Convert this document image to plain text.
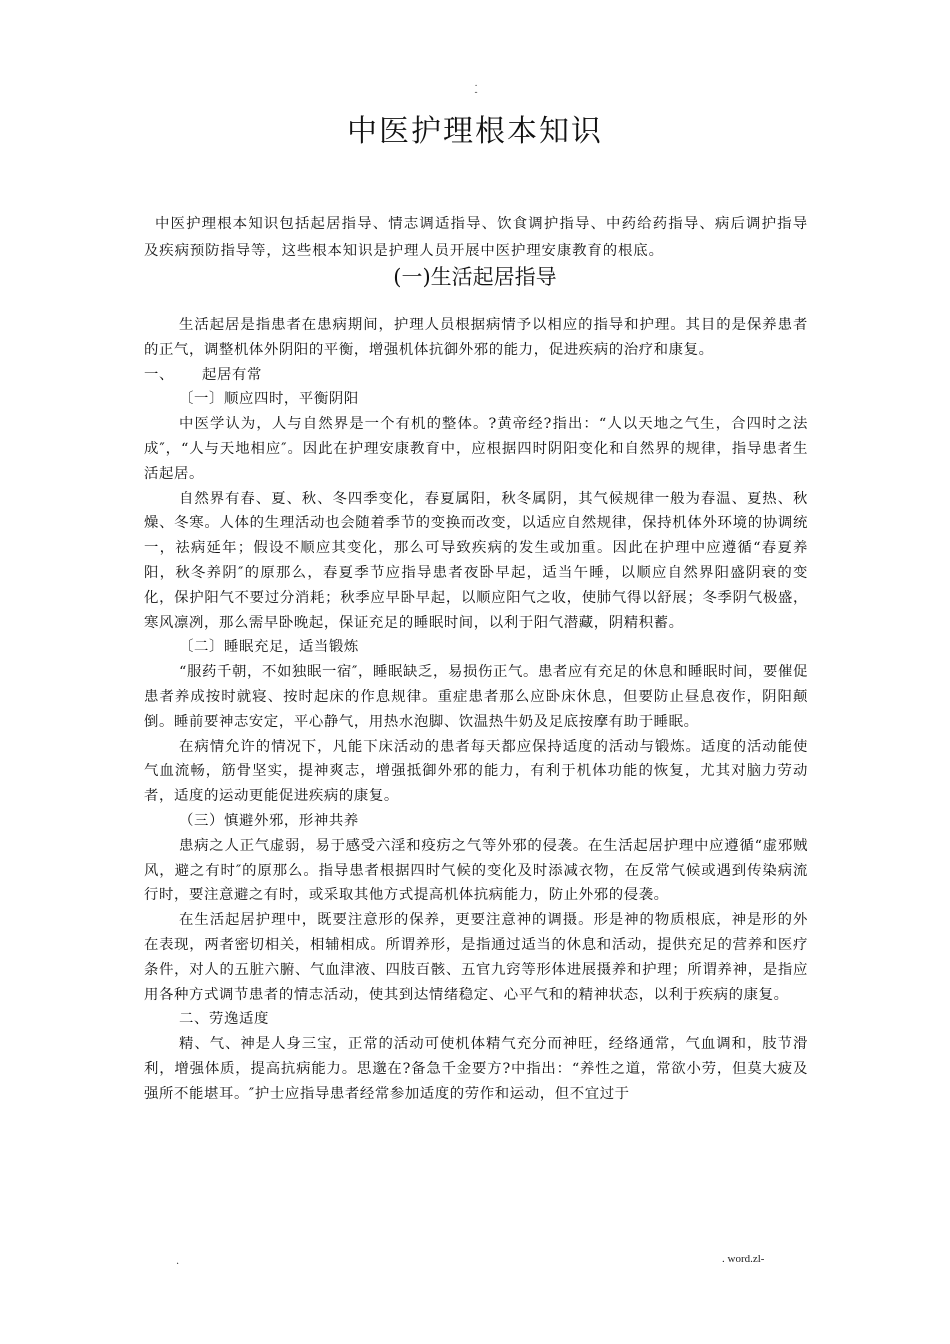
.
-
中医护理根本知识

中医护理根本知识包括起居指导、情志调适指导、饮食调护指导、中药给药指导、病后调护指导及疾病预防指导等，这些根本知识是护理人员开展中医护理安康教育的根底。

(一)生活起居指导

生活起居是指患者在患病期间，护理人员根据病情予以相应的指导和护理。其目的是保养患者的正气，调整机体外阴阳的平衡，增强机体抗御外邪的能力，促进疾病的治疗和康复。

一、 起居有常

〔一〕顺应四时，平衡阴阳

中医学认为，人与自然界是一个有机的整体。?黄帝经?指出：“人以天地之气生，合四时之法成″，“人与天地相应″。因此在护理安康教育中，应根据四时阴阳变化和自然界的规律，指导患者生活起居。

自然界有春、夏、秋、冬四季变化，春夏属阳，秋冬属阴，其气候规律一般为春温、夏热、秋燥、冬寒。人体的生理活动也会随着季节的变换而改变，以适应自然规律，保持机体外环境的协调统一，祛病延年；假设不顺应其变化，那么可导致疾病的发生或加重。因此在护理中应遵循“春夏养阳，秋冬养阴″的原那么，春夏季节应指导患者夜卧早起，适当午睡，以顺应自然界阳盛阴衰的变化，保护阳气不要过分消耗；秋季应早卧早起，以顺应阳气之收，使肺气得以舒展；冬季阴气极盛，寒风凛冽，那么需早卧晚起，保证充足的睡眠时间，以利于阳气潜藏，阴精积蓄。

〔二〕睡眠充足，适当锻炼

“服药千朝，不如独眠一宿″，睡眠缺乏，易损伤正气。患者应有充足的休息和睡眠时间，要催促患者养成按时就寝、按时起床的作息规律。重症患者那么应卧床休息，但要防止昼息夜作，阴阳颠倒。睡前要神志安定，平心静气，用热水泡脚、饮温热牛奶及足底按摩有助于睡眠。

在病情允许的情况下，凡能下床活动的患者每天都应保持适度的活动与锻炼。适度的活动能使气血流畅，筋骨坚实，提神爽志，增强抵御外邪的能力，有利于机体功能的恢复，尤其对脑力劳动者，适度的运动更能促进疾病的康复。

（三）慎避外邪，形神共养

患病之人正气虚弱，易于感受六淫和疫疠之气等外邪的侵袭。在生活起居护理中应遵循“虚邪贼风，避之有时″的原那么。指导患者根据四时气候的变化及时添减衣物，在反常气候或遇到传染病流行时，要注意避之有时，或采取其他方式提高机体抗病能力，防止外邪的侵袭。

在生活起居护理中，既要注意形的保养，更要注意神的调摄。形是神的物质根底，神是形的外在表现，两者密切相关，相辅相成。所谓养形，是指通过适当的休息和活动，提供充足的营养和医疗条件，对人的五脏六腑、气血津液、四肢百骸、五官九窍等形体进展摄养和护理；所谓养神，是指应用各种方式调节患者的情志活动，使其到达情绪稳定、心平气和的精神状态，以利于疾病的康复。

二、劳逸适度

精、气、神是人身三宝，正常的活动可使机体精气充分而神旺，经络通常，气血调和，肢节滑利，增强体质，提高抗病能力。思邈在?备急千金要方?中指出：“养性之道，常欲小劳，但莫大疲及强所不能堪耳。″护士应指导患者经常参加适度的劳作和运动，但不宜过于

.	. word.zl-
